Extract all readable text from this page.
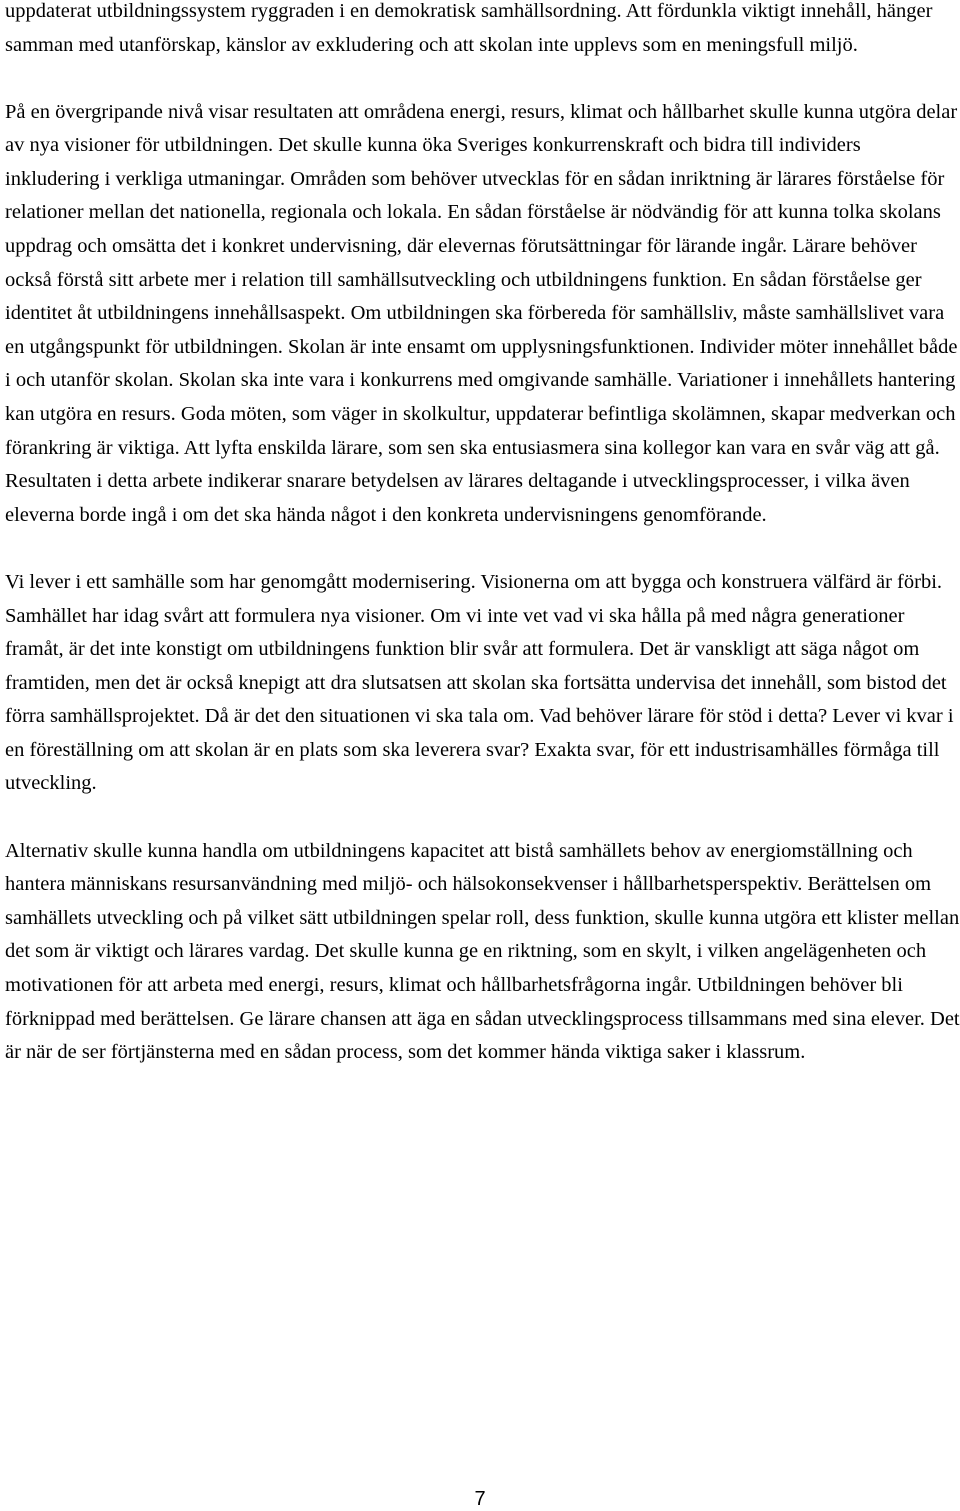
uppdaterat utbildningssystem ryggraden i en demokratisk samhällsordning. Att fördunkla viktigt innehåll, hänger samman med utanförskap, känslor av exkludering och att skolan inte upplevs som en meningsfull miljö.

På en övergripande nivå visar resultaten att områdena energi, resurs, klimat och hållbarhet skulle kunna utgöra delar av nya visioner för utbildningen. Det skulle kunna öka Sveriges konkurrenskraft och bidra till individers inkludering i verkliga utmaningar. Områden som behöver utvecklas för en sådan inriktning är lärares förståelse för relationer mellan det nationella, regionala och lokala. En sådan förståelse är nödvändig för att kunna tolka skolans uppdrag och omsätta det i konkret undervisning, där elevernas förutsättningar för lärande ingår. Lärare behöver också förstå sitt arbete mer i relation till samhällsutveckling och utbildningens funktion. En sådan förståelse ger identitet åt utbildningens innehållsaspekt. Om utbildningen ska förbereda för samhällsliv, måste samhällslivet vara en utgångspunkt för utbildningen. Skolan är inte ensamt om upplysningsfunktionen. Individer möter innehållet både i och utanför skolan. Skolan ska inte vara i konkurrens med omgivande samhälle. Variationer i innehållets hantering kan utgöra en resurs. Goda möten, som väger in skolkultur, uppdaterar befintliga skolämnen, skapar medverkan och förankring är viktiga. Att lyfta enskilda lärare, som sen ska entusiasmera sina kollegor kan vara en svår väg att gå. Resultaten i detta arbete indikerar snarare betydelsen av lärares deltagande i utvecklingsprocesser, i vilka även eleverna borde ingå i om det ska hända något i den konkreta undervisningens genomförande.

Vi lever i ett samhälle som har genomgått modernisering. Visionerna om att bygga och konstruera välfärd är förbi. Samhället har idag svårt att formulera nya visioner. Om vi inte vet vad vi ska hålla på med några generationer framåt, är det inte konstigt om utbildningens funktion blir svår att formulera. Det är vanskligt att säga något om framtiden, men det är också knepigt att dra slutsatsen att skolan ska fortsätta undervisa det innehåll, som bistod det förra samhällsprojektet. Då är det den situationen vi ska tala om. Vad behöver lärare för stöd i detta? Lever vi kvar i en föreställning om att skolan är en plats som ska leverera svar? Exakta svar, för ett industrisamhälles förmåga till utveckling.

Alternativ skulle kunna handla om utbildningens kapacitet att bistå samhällets behov av energiomställning och hantera människans resursanvändning med miljö- och hälsokonsekvenser i hållbarhetsperspektiv. Berättelsen om samhällets utveckling och på vilket sätt utbildningen spelar roll, dess funktion, skulle kunna utgöra ett klister mellan det som är viktigt och lärares vardag. Det skulle kunna ge en riktning, som en skylt, i vilken angelägenheten och motivationen för att arbeta med energi, resurs, klimat och hållbarhetsfrågorna ingår. Utbildningen behöver bli förknippad med berättelsen. Ge lärare chansen att äga en sådan utvecklingsprocess tillsammans med sina elever. Det är när de ser förtjänsterna med en sådan process, som det kommer hända viktiga saker i klassrum.

7
